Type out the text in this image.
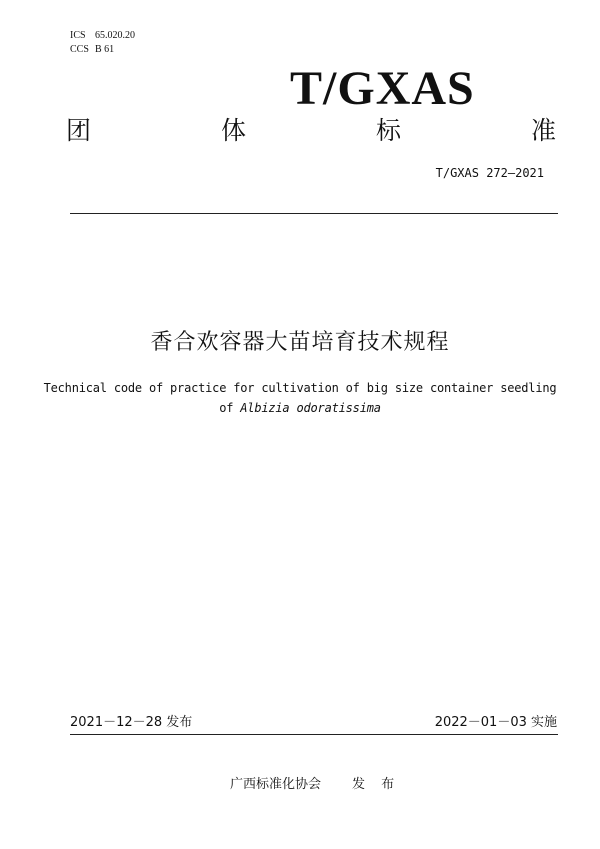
ICS 65.020.20
CCS B 61
T/GXAS
团	体	标	准
T/GXAS 272—2021
香合欢容器大苗培育技术规程
Technical code of practice for cultivation of big size container seedling
of Albizia odoratissima
2021－12－28 发布	2022－01－03 实施
广西标准化协会 发 布
